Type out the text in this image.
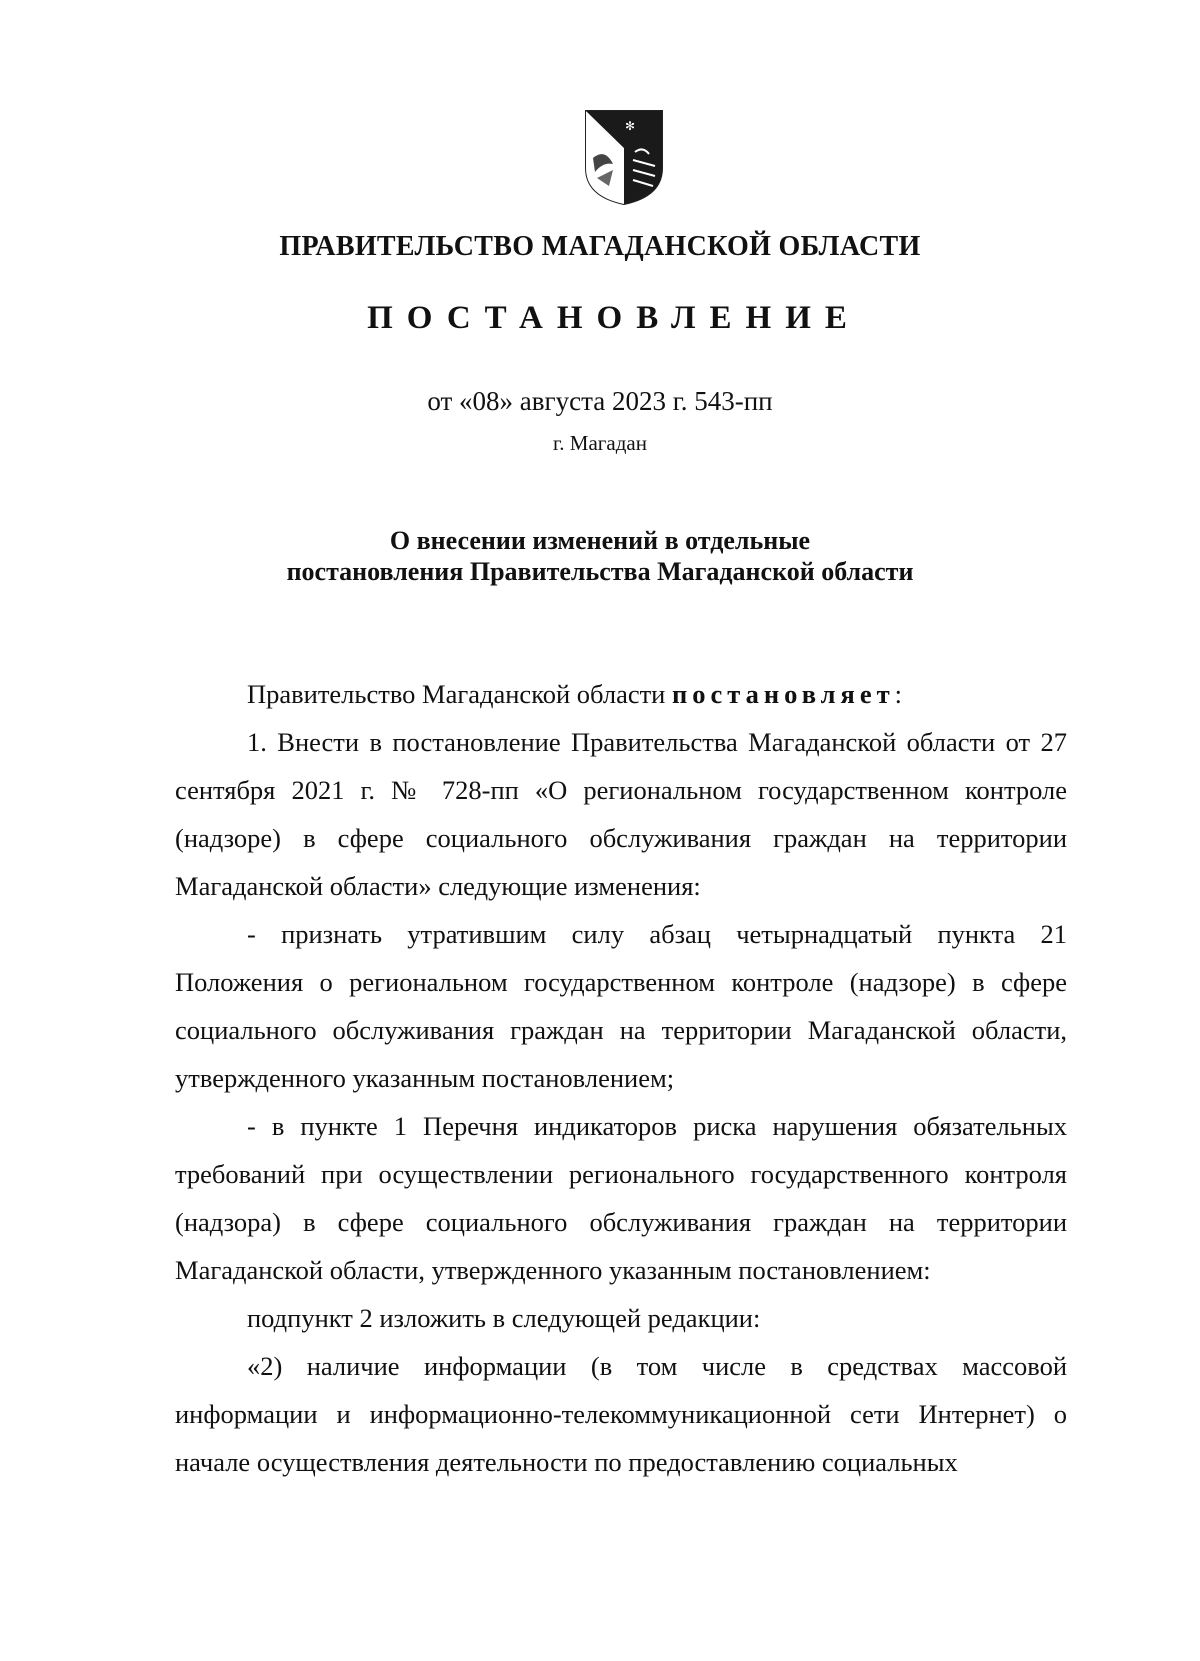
✻
ПРАВИТЕЛЬСТВО МАГАДАНСКОЙ ОБЛАСТИ
ПОСТАНОВЛЕНИЕ
от «08» августа 2023 г. 543-пп
г. Магадан
О внесении изменений в отдельные
постановления Правительства Магаданской области

Правительство Магаданской области постановляет:

1. Внести в постановление Правительства Магаданской области от 27 сентября 2021 г. № 728-пп «О региональном государственном контроле (надзоре) в сфере социального обслуживания граждан на территории Магаданской области» следующие изменения:

- признать утратившим силу абзац четырнадцатый пункта 21 Положения о региональном государственном контроле (надзоре) в сфере социального обслуживания граждан на территории Магаданской области, утвержденного указанным постановлением;

- в пункте 1 Перечня индикаторов риска нарушения обязательных требований при осуществлении регионального государственного контроля (надзора) в сфере социального обслуживания граждан на территории Магаданской области, утвержденного указанным постановлением:

подпункт 2 изложить в следующей редакции:

«2) наличие информации (в том числе в средствах массовой информации и информационно-телекоммуникационной сети Интернет) о начале осуществления деятельности по предоставлению социальных
